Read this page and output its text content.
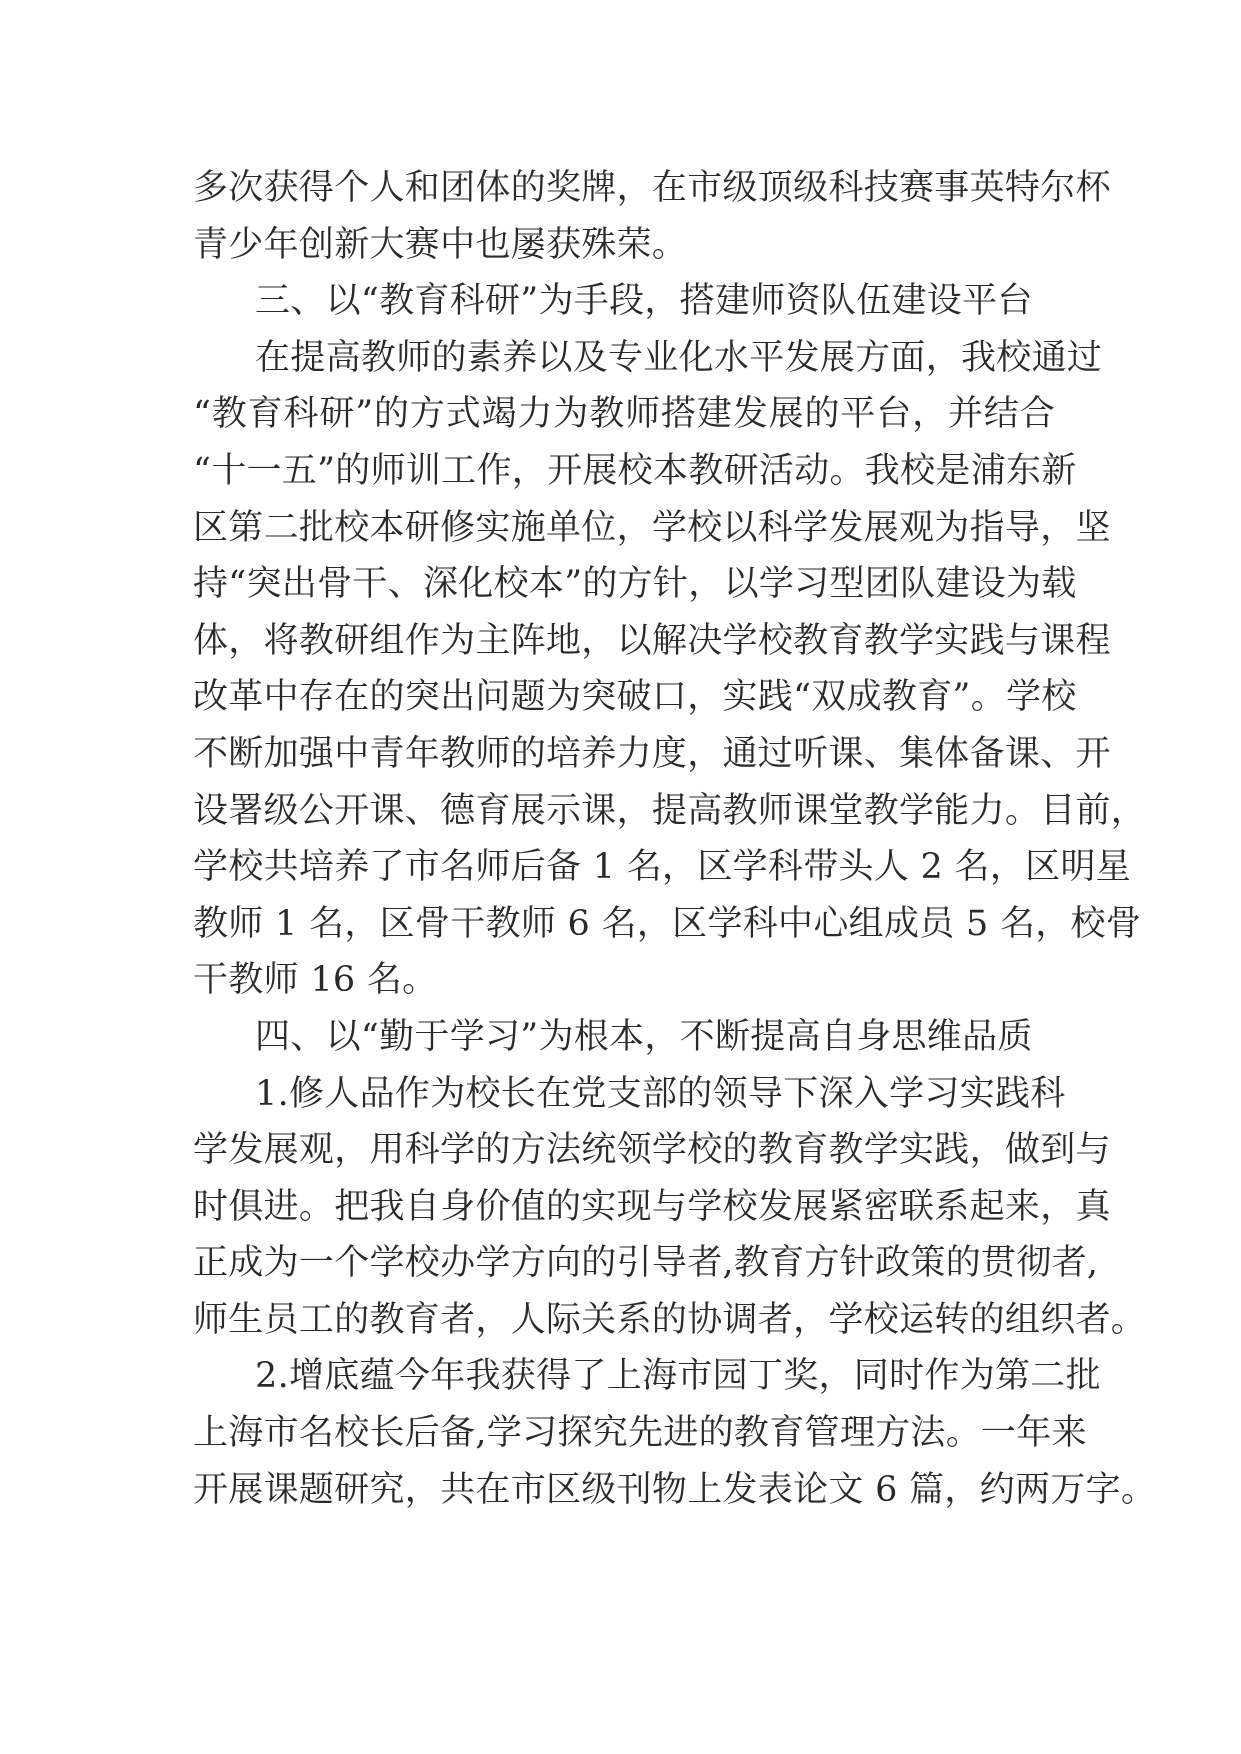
多次获得个人和团体的奖牌，在市级顶级科技赛事英特尔杯
青少年创新大赛中也屡获殊荣。
三、以“教育科研”为手段，搭建师资队伍建设平台
在提高教师的素养以及专业化水平发展方面，我校通过
“教育科研”的方式竭力为教师搭建发展的平台，并结合
“十一五”的师训工作，开展校本教研活动。我校是浦东新
区第二批校本研修实施单位，学校以科学发展观为指导，坚
持“突出骨干、深化校本”的方针，以学习型团队建设为载
体，将教研组作为主阵地，以解决学校教育教学实践与课程
改革中存在的突出问题为突破口，实践“双成教育”。学校
不断加强中青年教师的培养力度，通过听课、集体备课、开
设署级公开课、德育展示课，提高教师课堂教学能力。目前，
学校共培养了市名师后备 1 名，区学科带头人 2 名，区明星
教师 1 名，区骨干教师 6 名，区学科中心组成员 5 名，校骨
干教师 16 名。
四、以“勤于学习”为根本，不断提高自身思维品质
1.修人品作为校长在党支部的领导下深入学习实践科
学发展观，用科学的方法统领学校的教育教学实践，做到与
时俱进。把我自身价值的实现与学校发展紧密联系起来，真
正成为一个学校办学方向的引导者,教育方针政策的贯彻者,
师生员工的教育者，人际关系的协调者，学校运转的组织者。
2.增底蕴今年我获得了上海市园丁奖，同时作为第二批
上海市名校长后备,学习探究先进的教育管理方法。一年来
开展课题研究，共在市区级刊物上发表论文 6 篇，约两万字。
